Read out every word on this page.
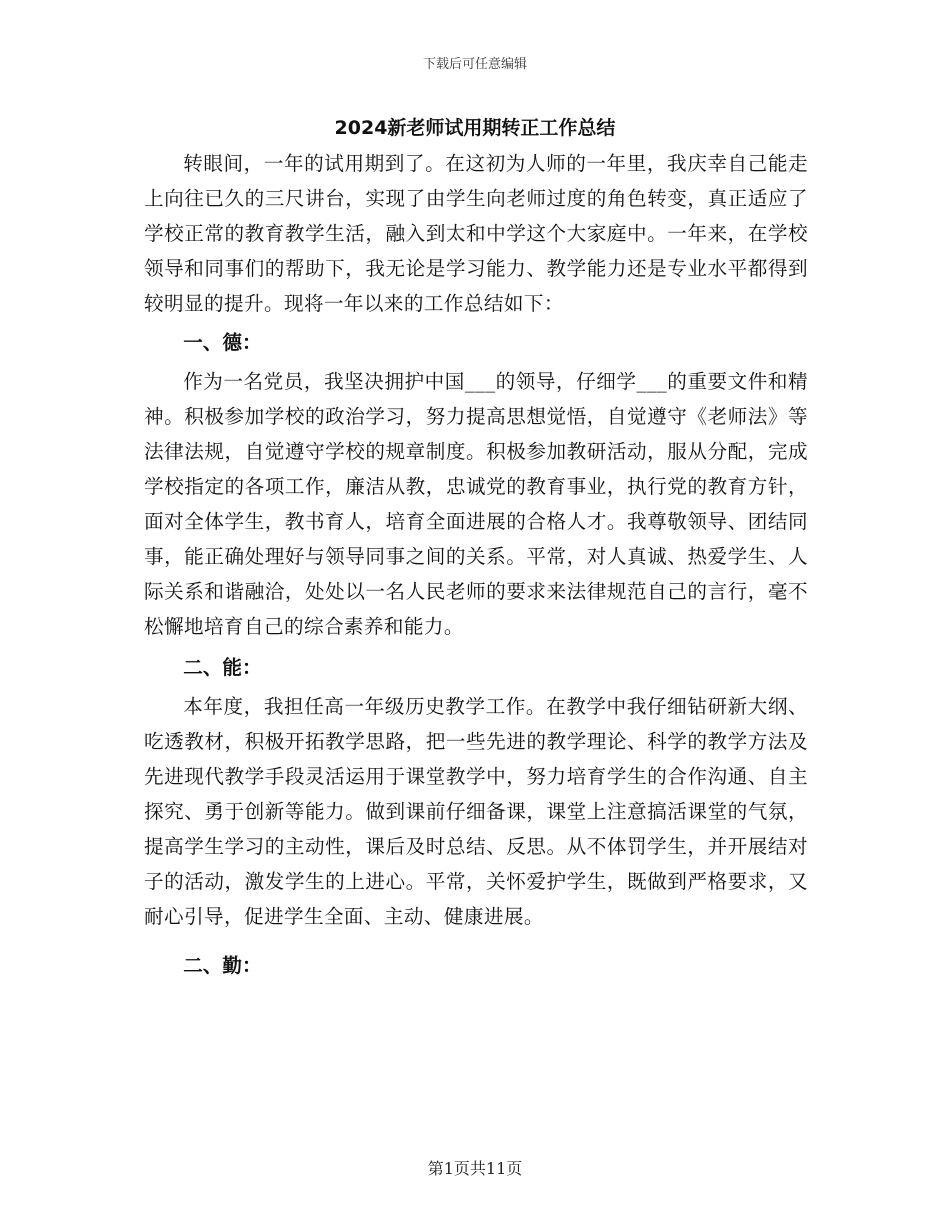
下载后可任意编辑
2024新老师试用期转正工作总结

转眼间，一年的试用期到了。在这初为人师的一年里，我庆幸自己能走上向往已久的三尺讲台，实现了由学生向老师过度的角色转变，真正适应了学校正常的教育教学生活，融入到太和中学这个大家庭中。一年来，在学校领导和同事们的帮助下，我无论是学习能力、教学能力还是专业水平都得到较明显的提升。现将一年以来的工作总结如下：

一、德：

作为一名党员，我坚决拥护中国___的领导，仔细学___的重要文件和精神。积极参加学校的政治学习，努力提高思想觉悟，自觉遵守《老师法》等法律法规，自觉遵守学校的规章制度。积极参加教研活动，服从分配，完成学校指定的各项工作，廉洁从教，忠诚党的教育事业，执行党的教育方针，面对全体学生，教书育人，培育全面进展的合格人才。我尊敬领导、团结同事，能正确处理好与领导同事之间的关系。平常，对人真诚、热爱学生、人际关系和谐融洽，处处以一名人民老师的要求来法律规范自己的言行，毫不松懈地培育自己的综合素养和能力。

二、能：

本年度，我担任高一年级历史教学工作。在教学中我仔细钻研新大纲、吃透教材，积极开拓教学思路，把一些先进的教学理论、科学的教学方法及先进现代教学手段灵活运用于课堂教学中，努力培育学生的合作沟通、自主探究、勇于创新等能力。做到课前仔细备课，课堂上注意搞活课堂的气氛，提高学生学习的主动性，课后及时总结、反思。从不体罚学生，并开展结对子的活动，激发学生的上进心。平常，关怀爱护学生，既做到严格要求，又耐心引导，促进学生全面、主动、健康进展。

二、勤：

第1页共11页
